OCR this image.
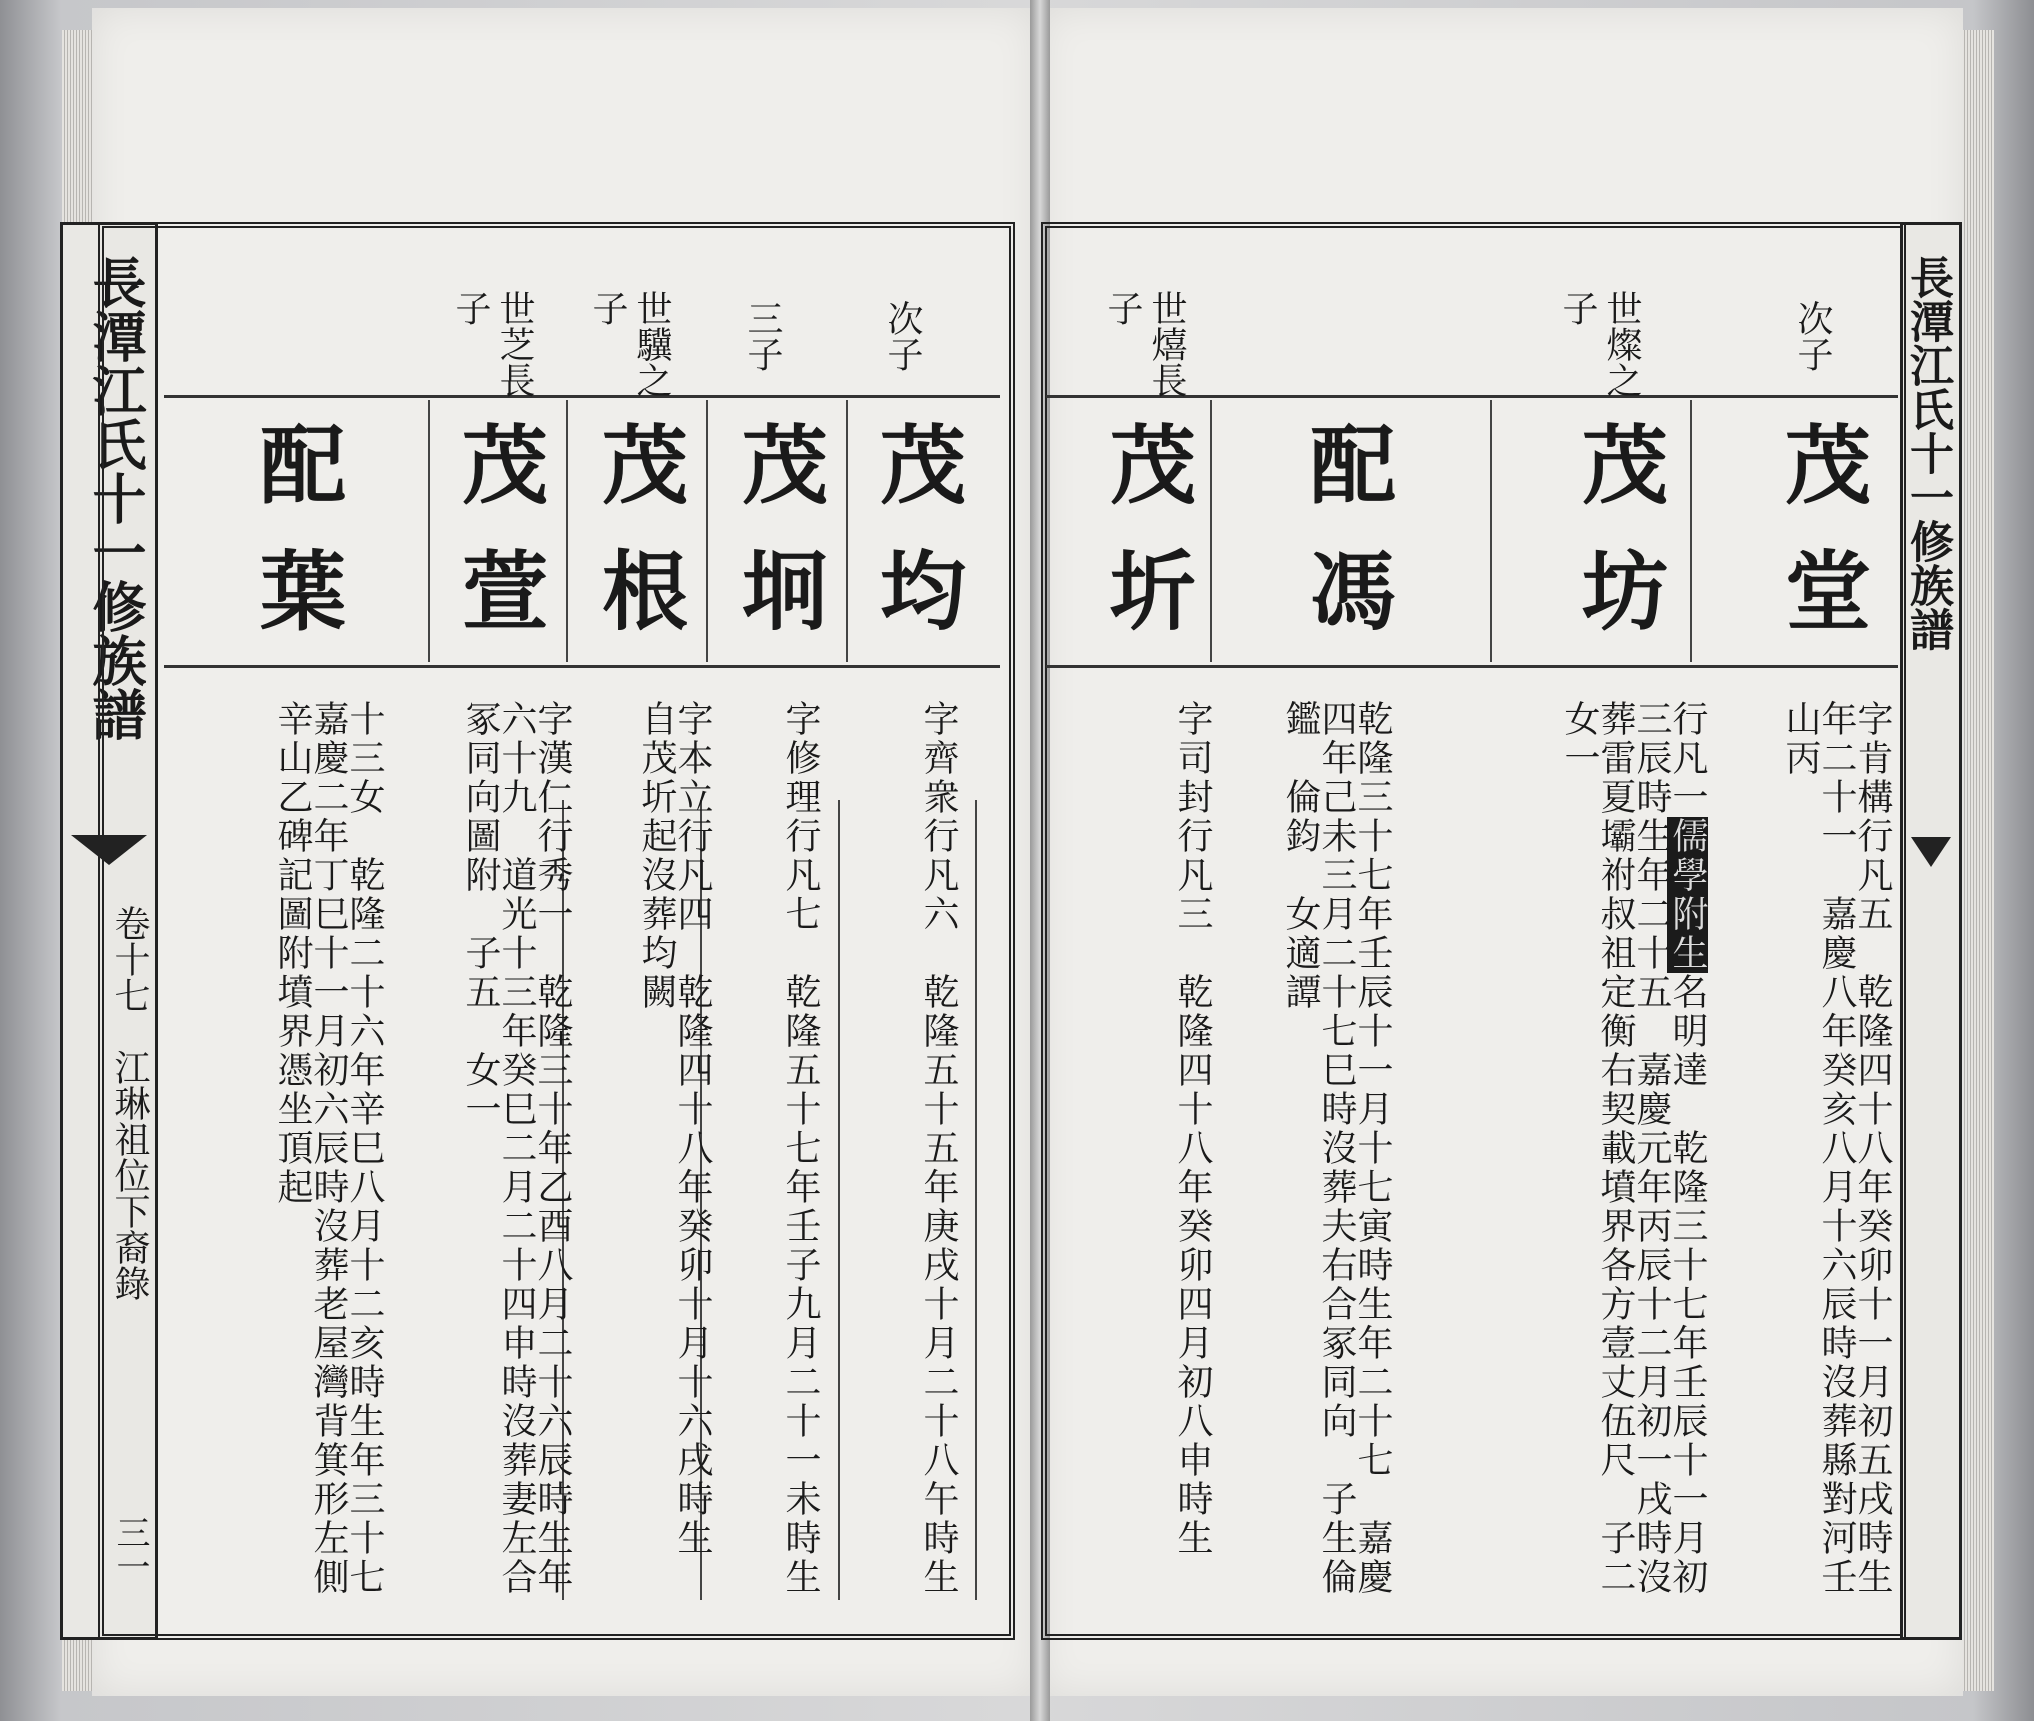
長潭江氏十一修族譜
卷十七　江琳祖位下裔錄
三一
長潭江氏十一修族譜
次子
茂均
字齊衆行凡六　乾隆五十五年庚戌十月二十八午時生
三子
茂坰
字修理行凡七　乾隆五十七年壬子九月二十一未時生
世驥之子
茂根
字本立行凡四　乾隆四十八年癸卯十月十六戌時生　自茂圻起沒葬均闕
世芝長子
茂萱
字漢仁行秀一　乾隆三十年乙酉八月二十六辰時生年六十九　道光十三年癸巳二月二十四申時沒葬妻左合冢同向圖附　子五　女一
配葉
十三女　乾隆二十六年辛巳八月十二亥時生年三十七　嘉慶二年丁巳十一月初六辰時沒葬老屋灣背箕形左側辛山乙碑記圖附墳界憑坐頂起
次子
茂堂
字肯構行凡五　乾隆四十八年癸卯十一月初五戌時生年二十一　嘉慶八年癸亥八月十六辰時沒葬縣對河壬山丙
世燦之子
茂坊
行凡一儒學附生名明達　乾隆三十七年壬辰十一月初三辰時生年二十五　嘉慶元年丙辰十二月初一戌時沒葬雷夏壩祔叔祖定衡右契載墳界各方壹丈伍尺　子二　女一
配馮
乾隆三十七年壬辰十一月十七寅時生年二十七　嘉慶四年己未三月二十七巳時沒葬夫右合冢同向　子生倫鑑　倫鈞　女適譚
世熺長子
茂圻
字司封行凡三　乾隆四十八年癸卯四月初八申時生
